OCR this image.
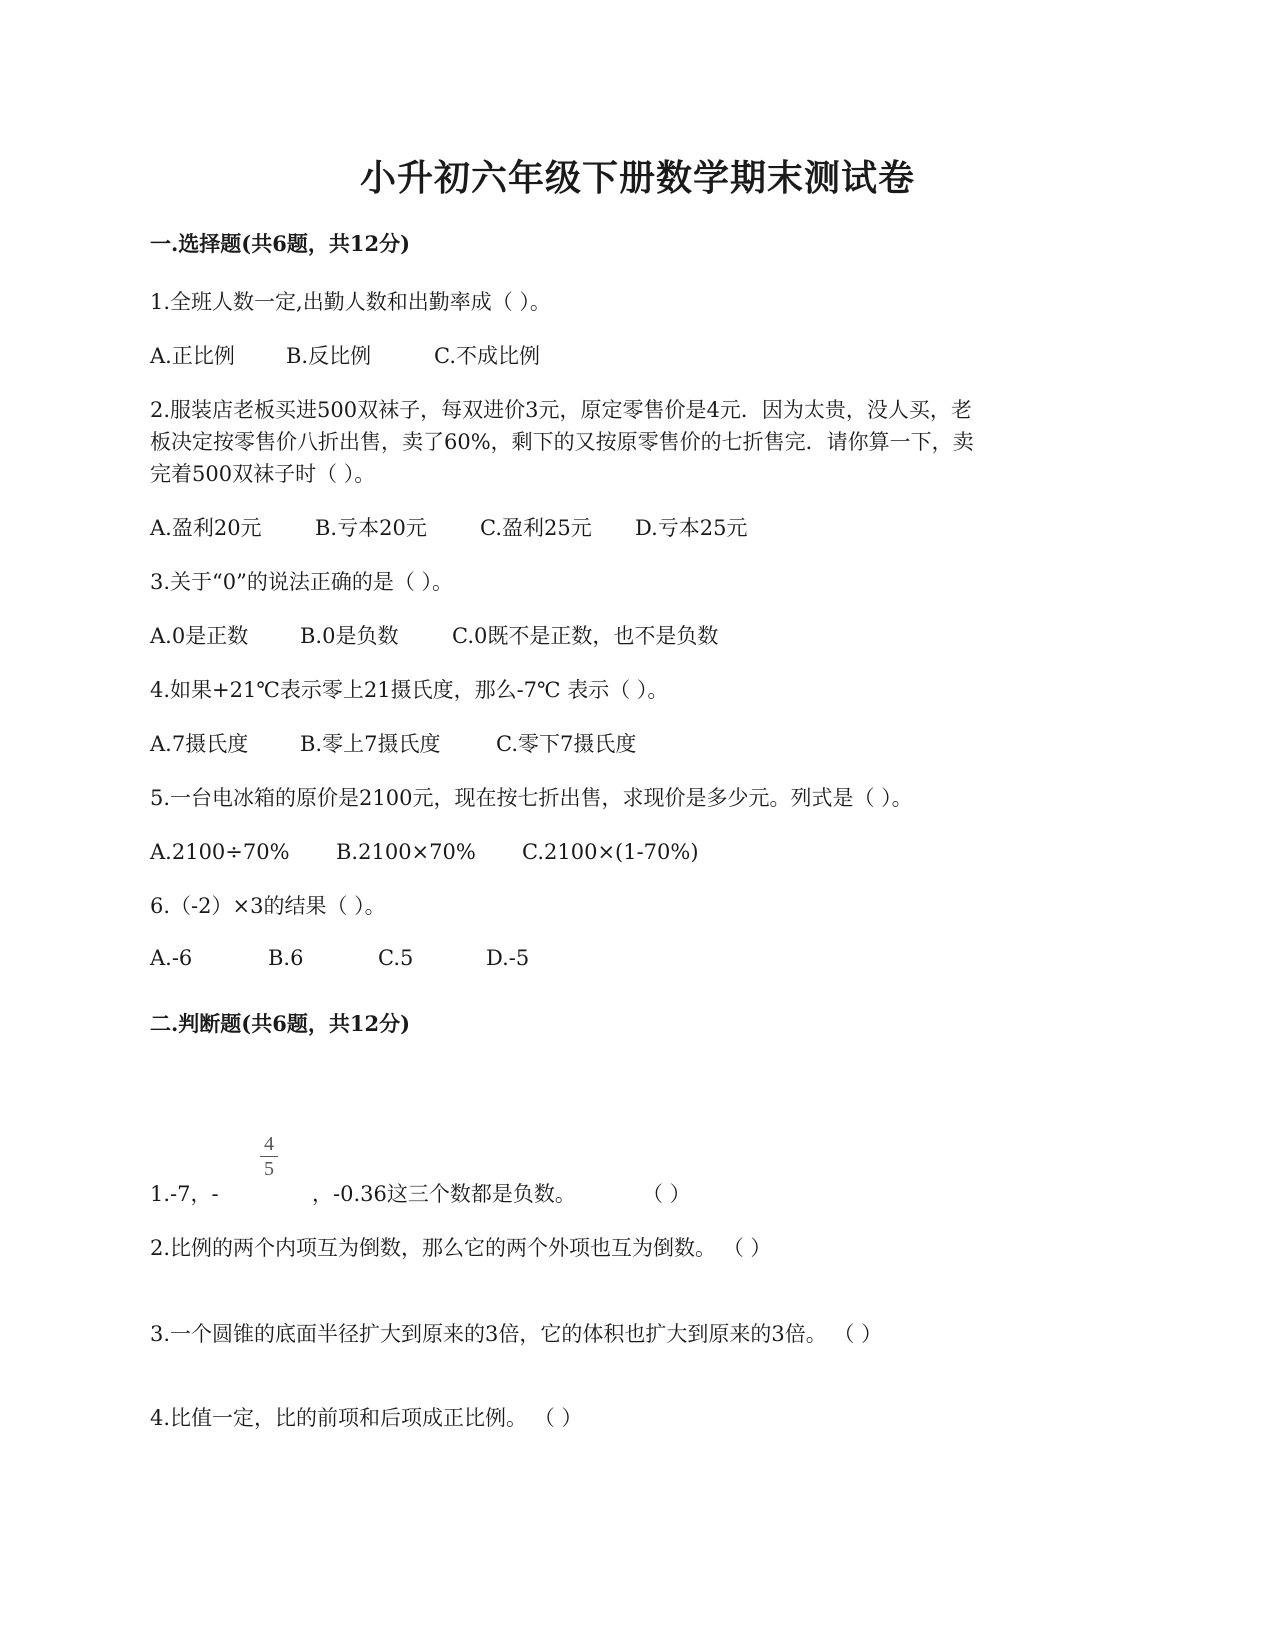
小升初六年级下册数学期末测试卷
一.选择题(共6题，共12分)
1.全班人数一定,出勤人数和出勤率成（ ）。
A.正比例 B.反比例	C.不成比例
2.服装店老板买进500双袜子，每双进价3元，原定零售价是4元．因为太贵，没人买，老
板决定按零售价八折出售，卖了60%，剩下的又按原零售价的七折售完．请你算一下，卖
完着500双袜子时（ ）。
A.盈利20元	B.亏本20元	C.盈利25元 D.亏本25元
3.关于“0”的说法正确的是（ ）。
A.0是正数 B.0是负数	C.0既不是正数，也不是负数
4.如果+21℃表示零上21摄氏度，那么-7℃ 表示（ ）。
A.7摄氏度 B.零上7摄氏度	C.零下7摄氏度
5.一台电冰箱的原价是2100元，现在按七折出售，求现价是多少元。列式是（ ）。
A.2100÷70% B.2100×70% C.2100×(1-70%)
6.（-2）×3的结果（ ）。
A.-6	B.6	C.5	D.-5
二.判断题(共6题，共12分)
4
5
1.-7，-	，-0.36这三个数都是负数。	（ ）
2.比例的两个内项互为倒数，那么它的两个外项也互为倒数。 （ ）
3.一个圆锥的底面半径扩大到原来的3倍，它的体积也扩大到原来的3倍。 （ ）
4.比值一定，比的前项和后项成正比例。 （ ）
